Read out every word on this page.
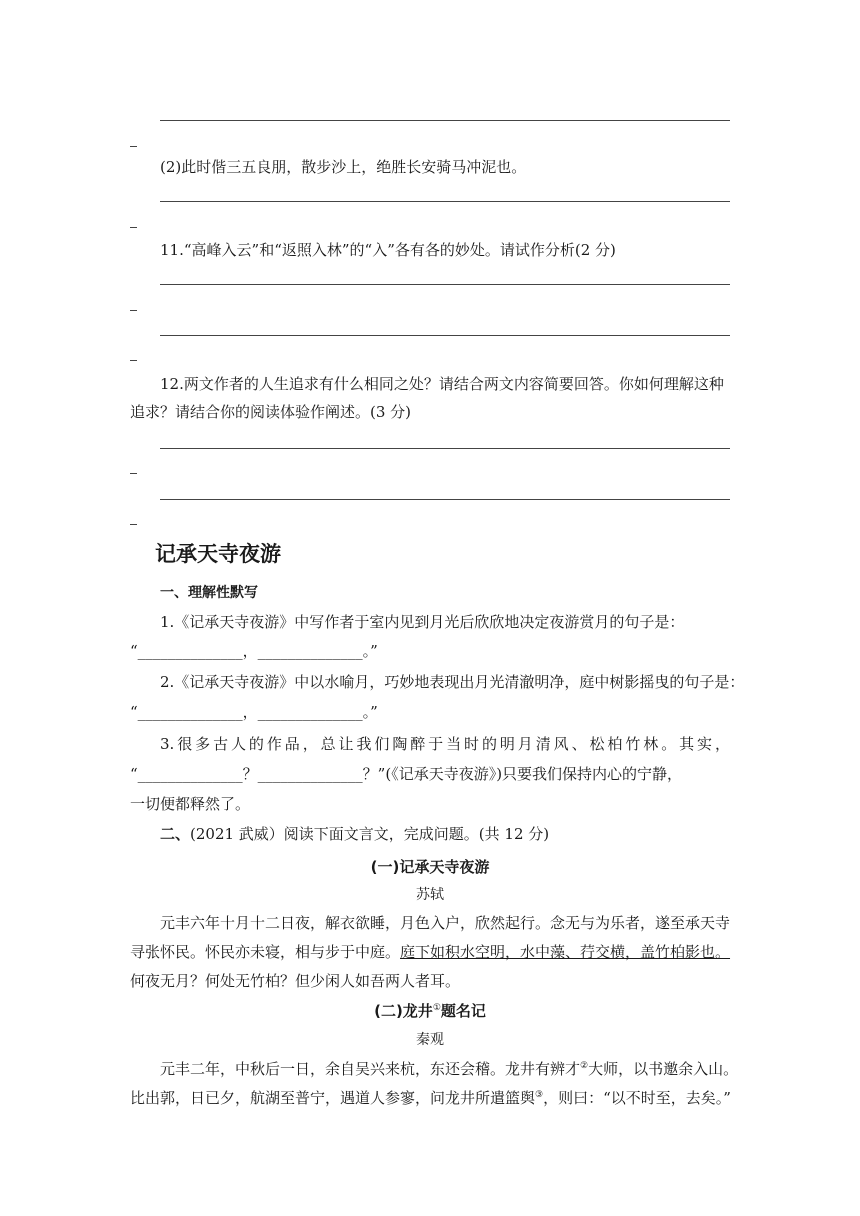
(2)此时偕三五良朋，散步沙上，绝胜长安骑马冲泥也。
11.“高峰入云”和“返照入林”的“入”各有各的妙处。请试作分析(2 分)
12.两文作者的人生追求有什么相同之处？请结合两文内容简要回答。你如何理解这种
追求？请结合你的阅读体验作阐述。(3 分)
记承天寺夜游
一、理解性默写
1.《记承天寺夜游》中写作者于室内见到月光后欣欣地决定夜游赏月的句子是：
“______________，______________。”
2.《记承天寺夜游》中以水喻月，巧妙地表现出月光清澈明净，庭中树影摇曳的句子是：
“______________，______________。”
3.很多古人的作品，总让我们陶醉于当时的明月清风、松柏竹林。其实，
“______________？______________？”(《记承天寺夜游》)只要我们保持内心的宁静，
一切便都释然了。
二、(2021 武威）阅读下面文言文，完成问题。(共 12 分)
(一)记承天寺夜游
苏轼
元丰六年十月十二日夜，解衣欲睡，月色入户，欣然起行。念无与为乐者，遂至承天寺
寻张怀民。怀民亦未寝，相与步于中庭。庭下如积水空明，水中藻、荇交横，盖竹柏影也。
何夜无月？何处无竹柏？但少闲人如吾两人者耳。
(二)龙井①题名记
秦观
元丰二年，中秋后一日，余自吴兴来杭，东还会稽。龙井有辨才②大师，以书邀余入山。
比出郭，日已夕，航湖至普宁，遇道人参寥，问龙井所遣篮舆③，则曰：“以不时至，去矣。”
